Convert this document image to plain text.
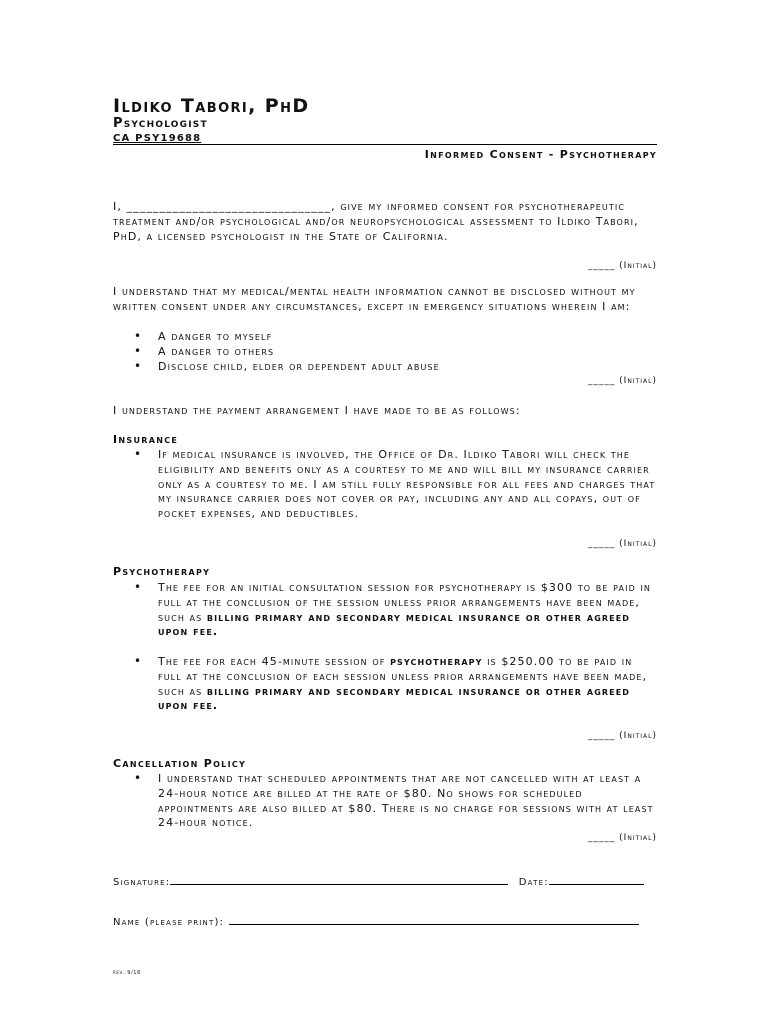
Ildiko Tabori, PhD
Psychologist
CA PSY19688
Informed Consent - Psychotherapy
I, _______________________________, give my informed consent for psychotherapeutic treatment and/or psychological and/or neuropsychological assessment to Ildiko Tabori, PhD, a licensed psychologist in the State of California.
_____ (Initial)
I understand that my medical/mental health information cannot be disclosed without my written consent under any circumstances, except in emergency situations wherein I am:
• A danger to myself
• A danger to others
• Disclose child, elder or dependent adult abuse
_____ (Initial)
I understand the payment arrangement I have made to be as follows:
Insurance
• If medical insurance is involved, the Office of Dr. Ildiko Tabori will check the eligibility and benefits only as a courtesy to me and will bill my insurance carrier only as a courtesy to me. I am still fully responsible for all fees and charges that my insurance carrier does not cover or pay, including any and all copays, out of pocket expenses, and deductibles.
_____ (Initial)
Psychotherapy
• The fee for an initial consultation session for psychotherapy is $300 to be paid in full at the conclusion of the session unless prior arrangements have been made, such as billing primary and secondary medical insurance or other agreed upon fee.
• The fee for each 45-minute session of psychotherapy is $250.00 to be paid in full at the conclusion of each session unless prior arrangements have been made, such as billing primary and secondary medical insurance or other agreed upon fee.
_____ (Initial)
Cancellation Policy
• I understand that scheduled appointments that are not cancelled with at least a 24-hour notice are billed at the rate of $80. No shows for scheduled appointments are also billed at $80. There is no charge for sessions with at least 24-hour notice.
_____ (Initial)
Signature:	Date:
Name (please print):
rev. 9/16
